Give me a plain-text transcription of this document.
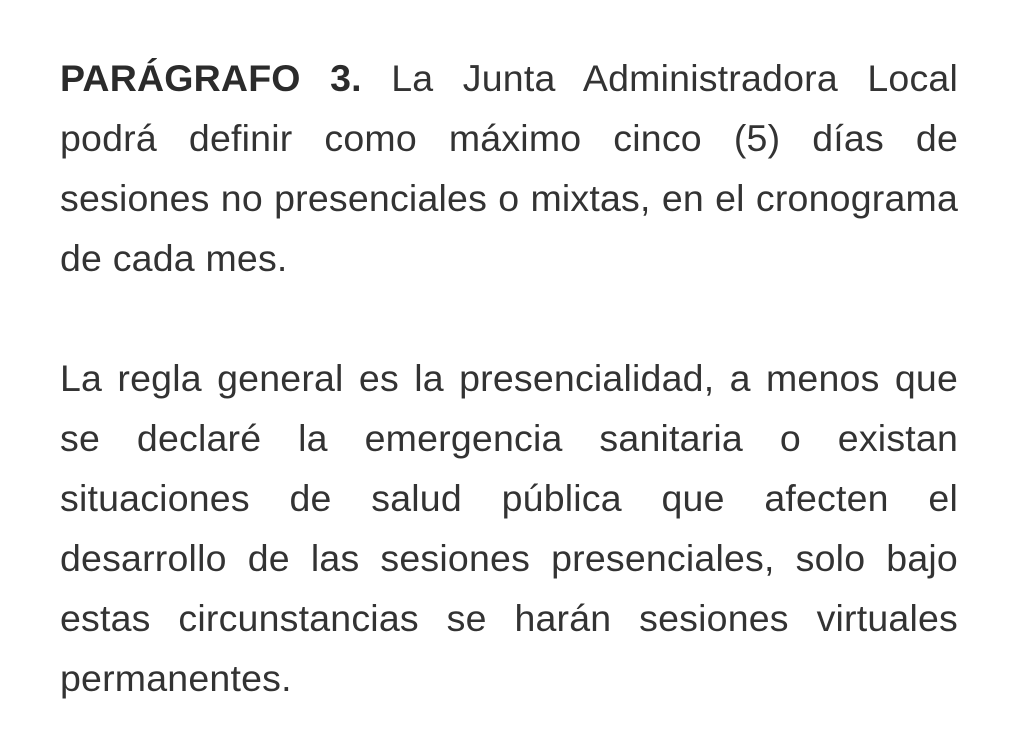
PARÁGRAFO 3. La Junta Administradora Local podrá definir como máximo cinco (5) días de sesiones no presenciales o mixtas, en el cronograma de cada mes.

La regla general es la presencialidad, a menos que se declaré la emergencia sanitaria o existan situaciones de salud pública que afecten el desarrollo de las sesiones presenciales, solo bajo estas circunstancias se harán sesiones virtuales permanentes.
